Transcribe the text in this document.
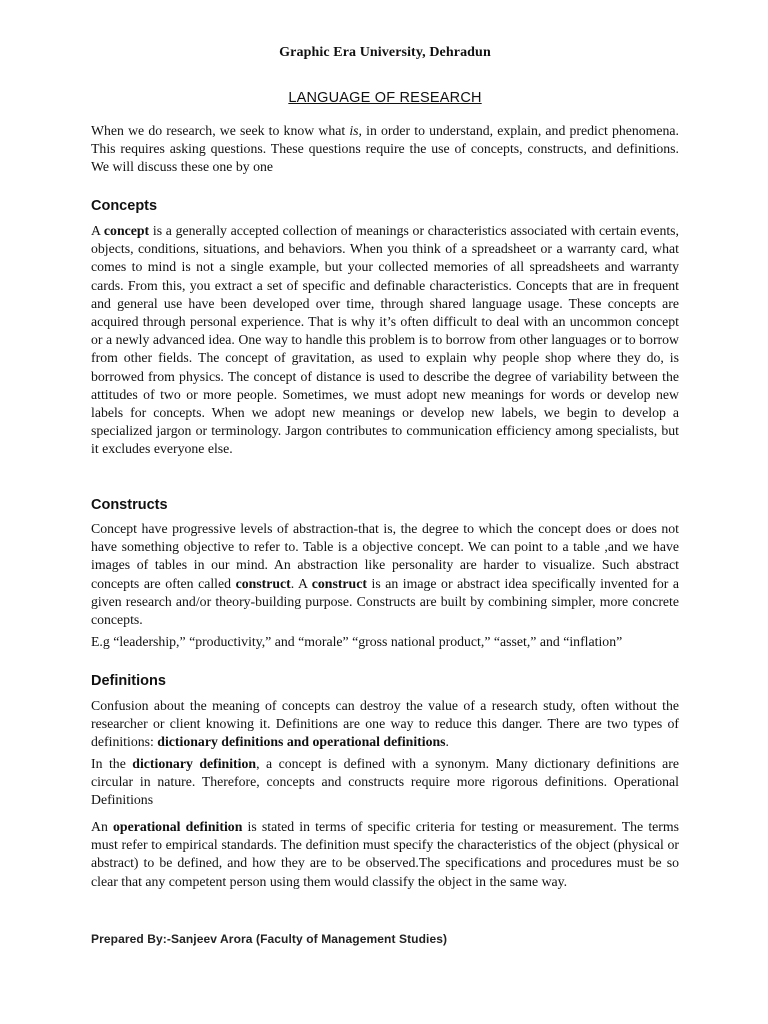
Graphic Era University, Dehradun
LANGUAGE OF RESEARCH

When we do research, we seek to know what is, in order to understand, explain, and predict phenomena. This requires asking questions. These questions require the use of concepts, constructs, and definitions. We will discuss these one by one

Concepts

A concept is a generally accepted collection of meanings or characteristics associated with certain events, objects, conditions, situations, and behaviors. When you think of a spreadsheet or a warranty card, what comes to mind is not a single example, but your collected memories of all spreadsheets and warranty cards. From this, you extract a set of specific and definable characteristics. Concepts that are in frequent and general use have been developed over time, through shared language usage. These concepts are acquired through personal experience. That is why it’s often difficult to deal with an uncommon concept or a newly advanced idea. One way to handle this problem is to borrow from other languages or to borrow from other fields. The concept of gravitation, as used to explain why people shop where they do, is borrowed from physics. The concept of distance is used to describe the degree of variability between the attitudes of two or more people. Sometimes, we must adopt new meanings for words or develop new labels for concepts. When we adopt new meanings or develop new labels, we begin to develop a specialized jargon or terminology. Jargon contributes to communication efficiency among specialists, but it excludes everyone else.

Constructs

Concept have progressive levels of abstraction-that is, the degree to which the concept does or does not have something objective to refer to. Table is a objective concept. We can point to a table ,and we have images of tables in our mind. An abstraction like personality are harder to visualize. Such abstract concepts are often called construct. A construct is an image or abstract idea specifically invented for a given research and/or theory-building purpose. Constructs are built by combining simpler, more concrete concepts.

E.g “leadership,” “productivity,” and “morale” “gross national product,” “asset,” and “inflation”

Definitions

Confusion about the meaning of concepts can destroy the value of a research study, often without the researcher or client knowing it. Definitions are one way to reduce this danger. There are two types of definitions: dictionary definitions and operational definitions.

In the dictionary definition, a concept is defined with a synonym. Many dictionary definitions are circular in nature. Therefore, concepts and constructs require more rigorous definitions. Operational Definitions

An operational definition is stated in terms of specific criteria for testing or measurement. The terms must refer to empirical standards. The definition must specify the characteristics of the object (physical or abstract) to be defined, and how they are to be observed.The specifications and procedures must be so clear that any competent person using them would classify the object in the same way.

Prepared By:-Sanjeev Arora (Faculty of Management Studies)
